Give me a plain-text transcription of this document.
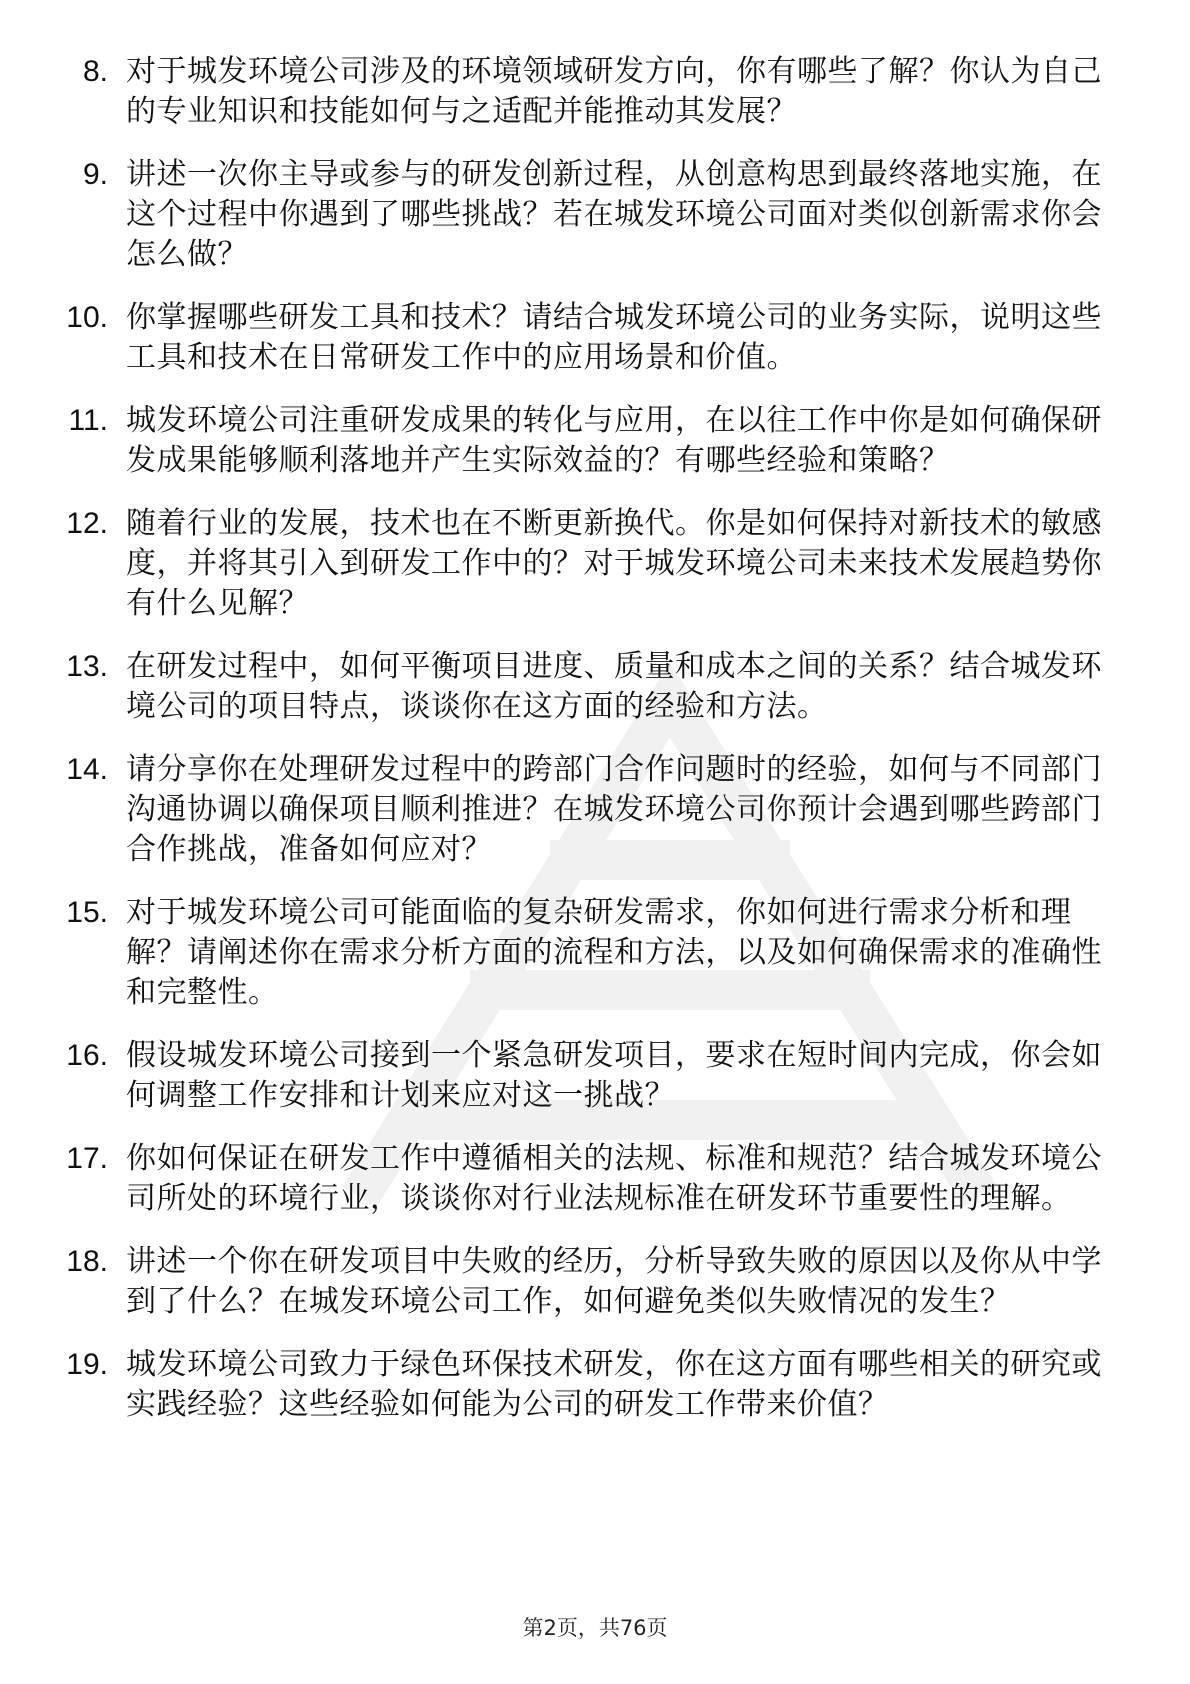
8. 对于城发环境公司涉及的环境领域研发方向，你有哪些了解？你认为自己的专业知识和技能如何与之适配并能推动其发展？
9. 讲述一次你主导或参与的研发创新过程，从创意构思到最终落地实施，在这个过程中你遇到了哪些挑战？若在城发环境公司面对类似创新需求你会怎么做？
10. 你掌握哪些研发工具和技术？请结合城发环境公司的业务实际，说明这些工具和技术在日常研发工作中的应用场景和价值。
11. 城发环境公司注重研发成果的转化与应用，在以往工作中你是如何确保研发成果能够顺利落地并产生实际效益的？有哪些经验和策略？
12. 随着行业的发展，技术也在不断更新换代。你是如何保持对新技术的敏感度，并将其引入到研发工作中的？对于城发环境公司未来技术发展趋势你有什么见解？
13. 在研发过程中，如何平衡项目进度、质量和成本之间的关系？结合城发环境公司的项目特点，谈谈你在这方面的经验和方法。
14. 请分享你在处理研发过程中的跨部门合作问题时的经验，如何与不同部门沟通协调以确保项目顺利推进？在城发环境公司你预计会遇到哪些跨部门合作挑战，准备如何应对？
15. 对于城发环境公司可能面临的复杂研发需求，你如何进行需求分析和理解？请阐述你在需求分析方面的流程和方法，以及如何确保需求的准确性和完整性。
16. 假设城发环境公司接到一个紧急研发项目，要求在短时间内完成，你会如何调整工作安排和计划来应对这一挑战？
17. 你如何保证在研发工作中遵循相关的法规、标准和规范？结合城发环境公司所处的环境行业，谈谈你对行业法规标准在研发环节重要性的理解。
18. 讲述一个你在研发项目中失败的经历，分析导致失败的原因以及你从中学到了什么？在城发环境公司工作，如何避免类似失败情况的发生？
19. 城发环境公司致力于绿色环保技术研发，你在这方面有哪些相关的研究或实践经验？这些经验如何能为公司的研发工作带来价值？
第2页，共76页
